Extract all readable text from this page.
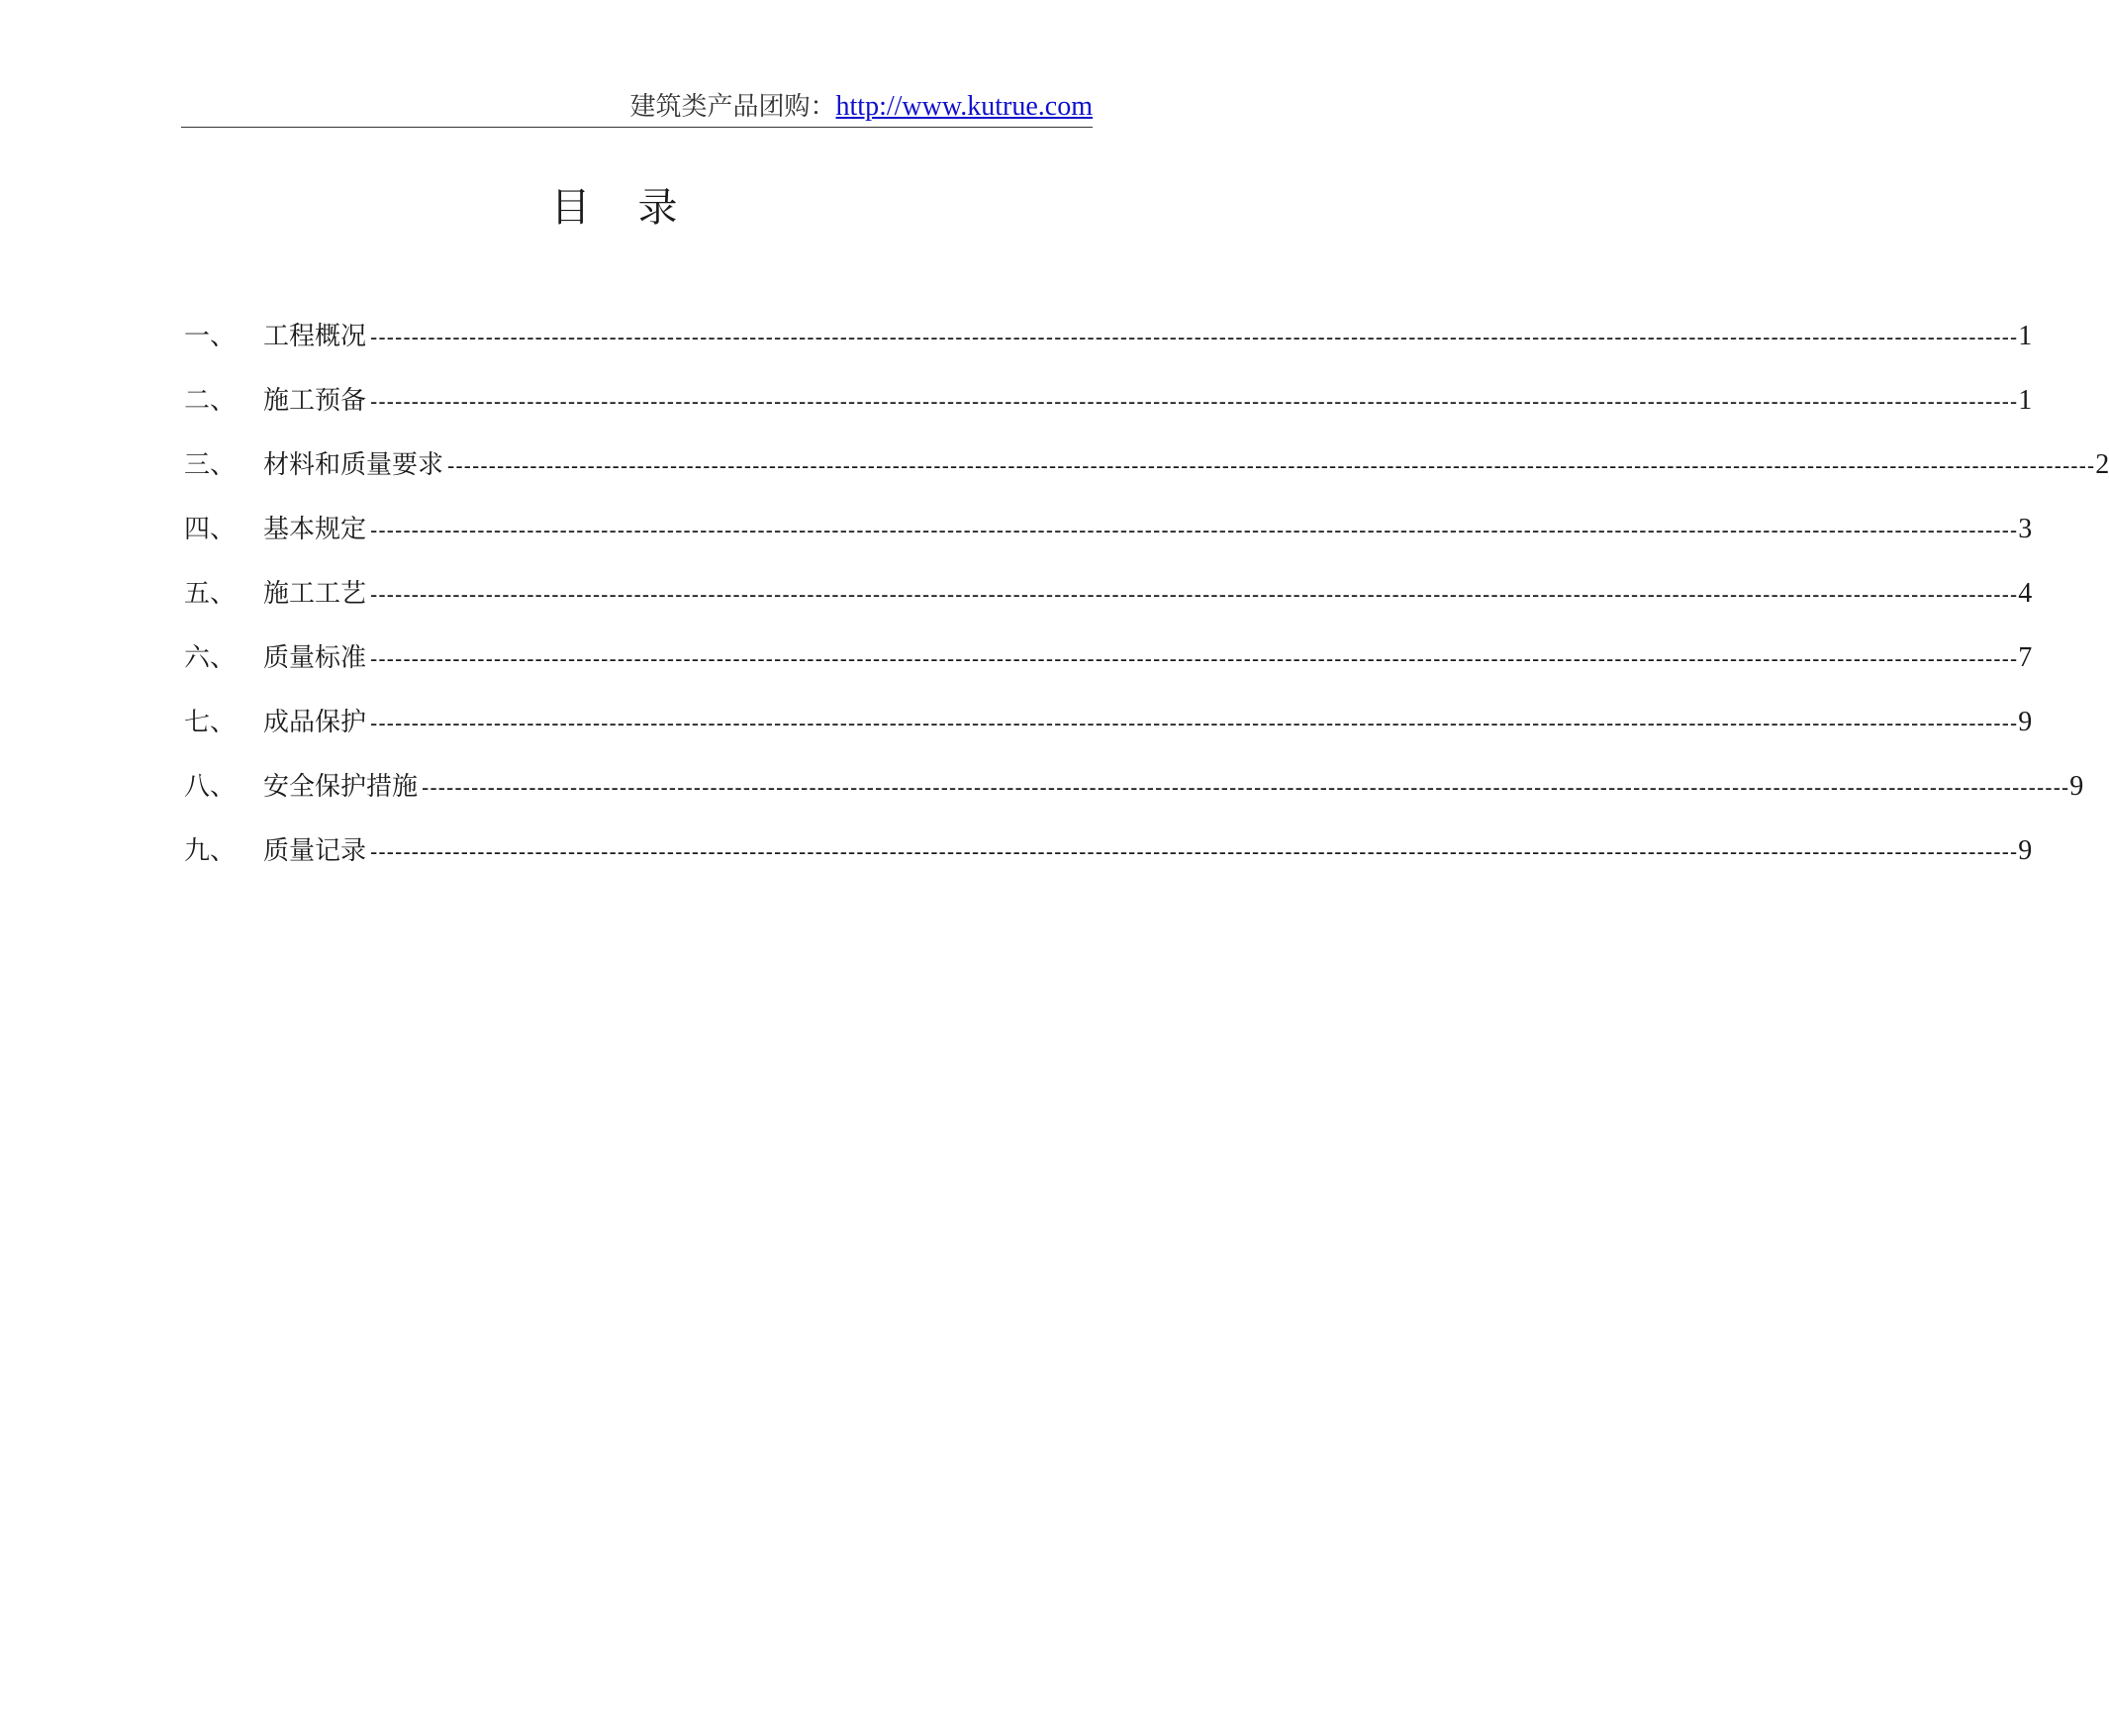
建筑类产品团购：http://www.kutrue.com
目 录
一、	工程概况 -------------------------------------------------------------------------------------------------------------------------------------------------------------------------------------------------------- 1
二、	施工预备 -------------------------------------------------------------------------------------------------------------------------------------------------------------------------------------------------------- 1
三、	材料和质量要求 -------------------------------------------------------------------------------------------------------------------------------------------------------------------------------------------------------- 2
四、	基本规定 -------------------------------------------------------------------------------------------------------------------------------------------------------------------------------------------------------- 3
五、	施工工艺 -------------------------------------------------------------------------------------------------------------------------------------------------------------------------------------------------------- 4
六、	质量标准 -------------------------------------------------------------------------------------------------------------------------------------------------------------------------------------------------------- 7
七、	成品保护 -------------------------------------------------------------------------------------------------------------------------------------------------------------------------------------------------------- 9
八、	安全保护措施 -------------------------------------------------------------------------------------------------------------------------------------------------------------------------------------------------------- 9
九、	质量记录 -------------------------------------------------------------------------------------------------------------------------------------------------------------------------------------------------------- 9
